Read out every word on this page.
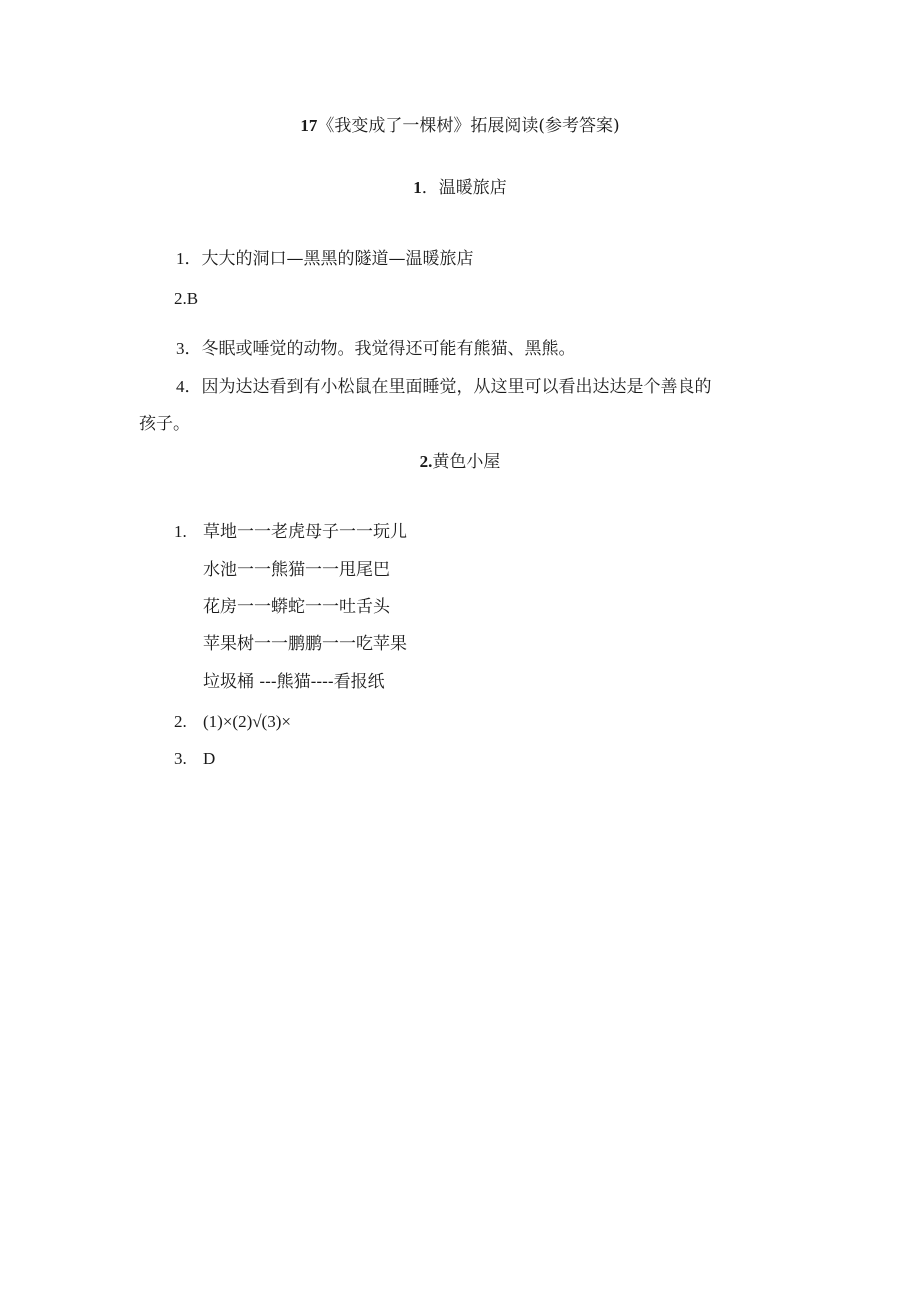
17《我变成了一棵树》拓展阅读(参考答案)
1．温暖旅店
1．大大的洞口—黑黑的隧道—温暖旅店
2.B
3．冬眠或唾觉的动物。我觉得还可能有熊猫、黑熊。
4．因为达达看到有小松鼠在里面睡觉，从这里可以看出达达是个善良的
孩子。
2.黄色小屋
1. 草地一一老虎母子一一玩儿
水池一一熊猫一一甩尾巴
花房一一蟒蛇一一吐舌头
苹果树一一鹏鹏一一吃苹果
垃圾桶 ---熊猫----看报纸
2. (1)×(2)√(3)×
3. D
